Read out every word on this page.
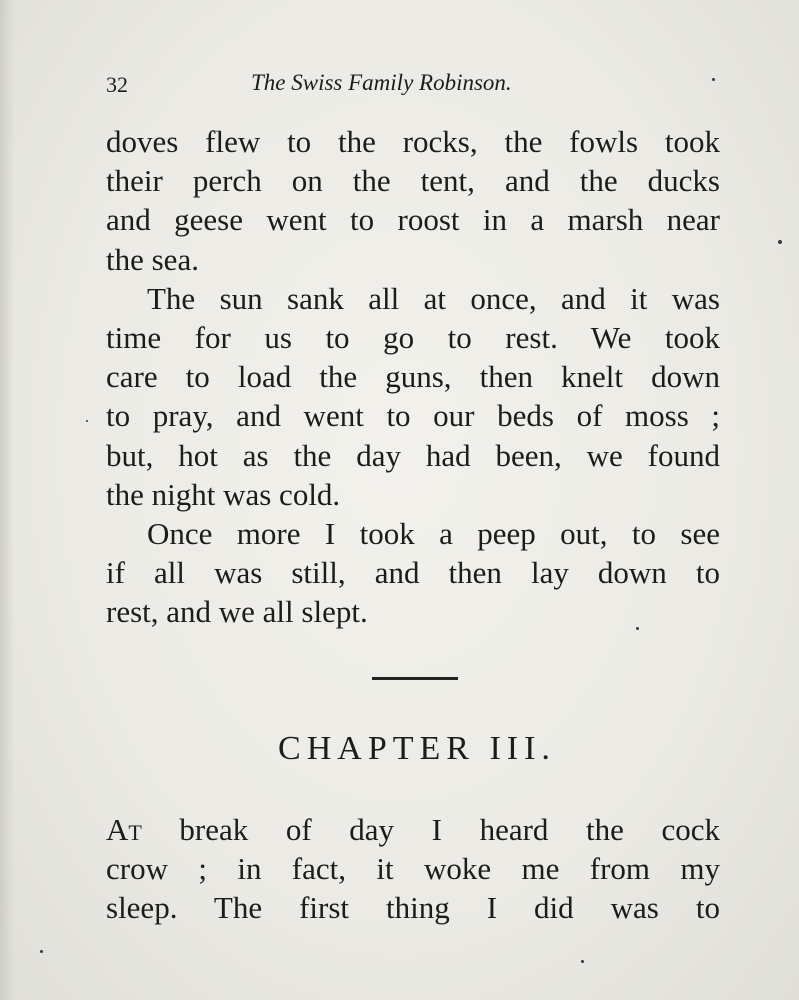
32	The Swiss Family Robinson.

doves flew to the rocks, the fowls took
their perch on the tent, and the ducks
and geese went to roost in a marsh near
the sea.

The sun sank all at once, and it was
time for us to go to rest. We took
care to load the guns, then knelt down
to pray, and went to our beds of moss ;
but, hot as the day had been, we found
the night was cold.

Once more I took a peep out, to see
if all was still, and then lay down to
rest, and we all slept.

CHAPTER III.
At break of day I heard the cock
crow ; in fact, it woke me from my
sleep. The first thing I did was to
